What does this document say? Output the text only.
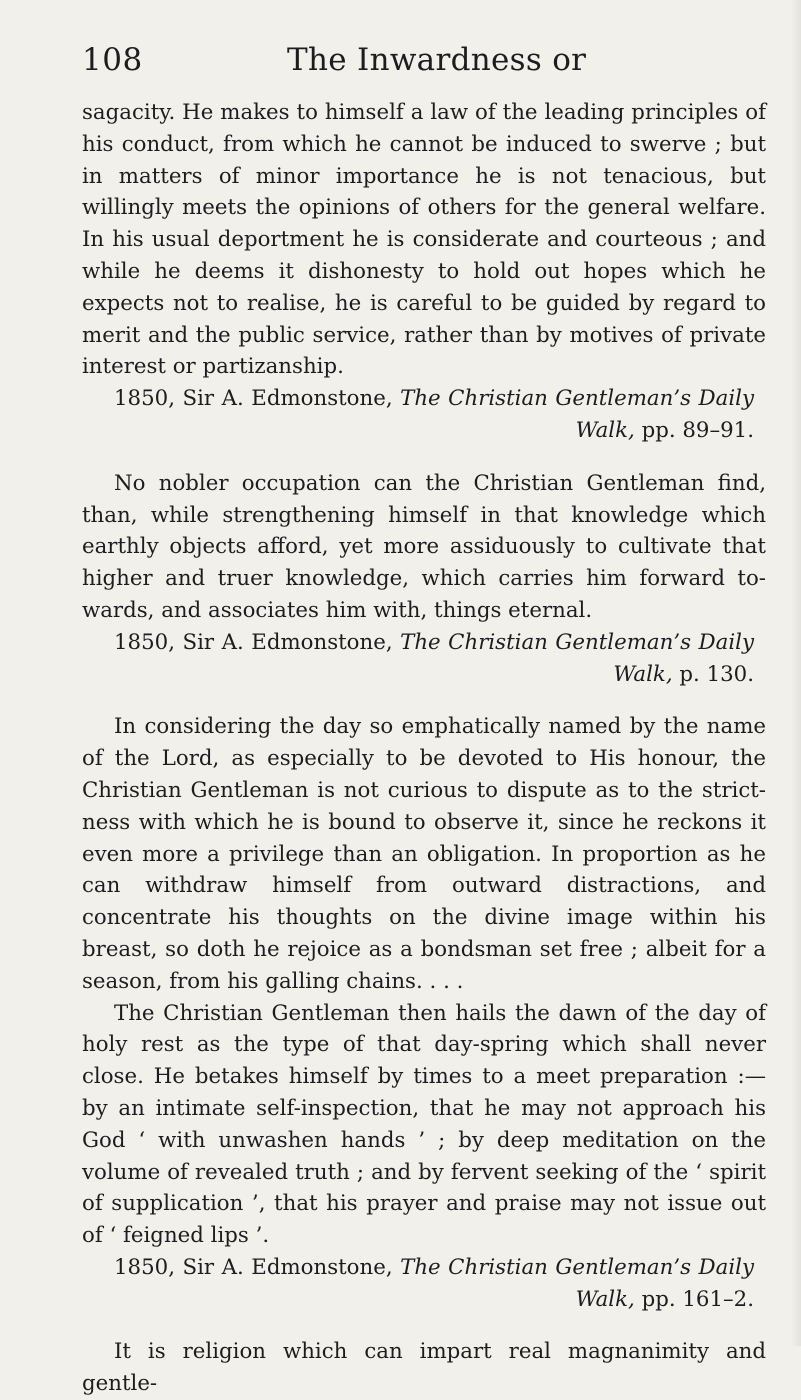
108	The Inwardness or

sagacity. He makes to himself a law of the leading principles of his conduct, from which he cannot be induced to swerve ; but in matters of minor importance he is not tenacious, but willingly meets the opinions of others for the general welfare. In his usual deportment he is considerate and courteous ; and while he deems it dishonesty to hold out hopes which he expects not to realise, he is careful to be guided by regard to merit and the public service, rather than by motives of private interest or partizanship.

1850, Sir A. Edmonstone, The Christian Gentleman’s Daily Walk, pp. 89–91.

No nobler occupation can the Christian Gentleman find, than, while strengthening himself in that knowledge which earthly objects afford, yet more assiduously to cultivate that higher and truer knowledge, which carries him forward to-wards, and associates him with, things eternal.

1850, Sir A. Edmonstone, The Christian Gentleman’s Daily Walk, p. 130.

In considering the day so emphatically named by the name of the Lord, as especially to be devoted to His honour, the Christian Gentleman is not curious to dispute as to the strict-ness with which he is bound to observe it, since he reckons it even more a privilege than an obligation. In proportion as he can withdraw himself from outward distractions, and concentrate his thoughts on the divine image within his breast, so doth he rejoice as a bondsman set free ; albeit for a season, from his galling chains. . . .

The Christian Gentleman then hails the dawn of the day of holy rest as the type of that day-spring which shall never close. He betakes himself by times to a meet preparation :— by an intimate self-inspection, that he may not approach his God ‘ with unwashen hands ’ ; by deep meditation on the volume of revealed truth ; and by fervent seeking of the ‘ spirit of supplication ’, that his prayer and praise may not issue out of ‘ feigned lips ’.

1850, Sir A. Edmonstone, The Christian Gentleman’s Daily Walk, pp. 161–2.

It is religion which can impart real magnanimity and gentle-
